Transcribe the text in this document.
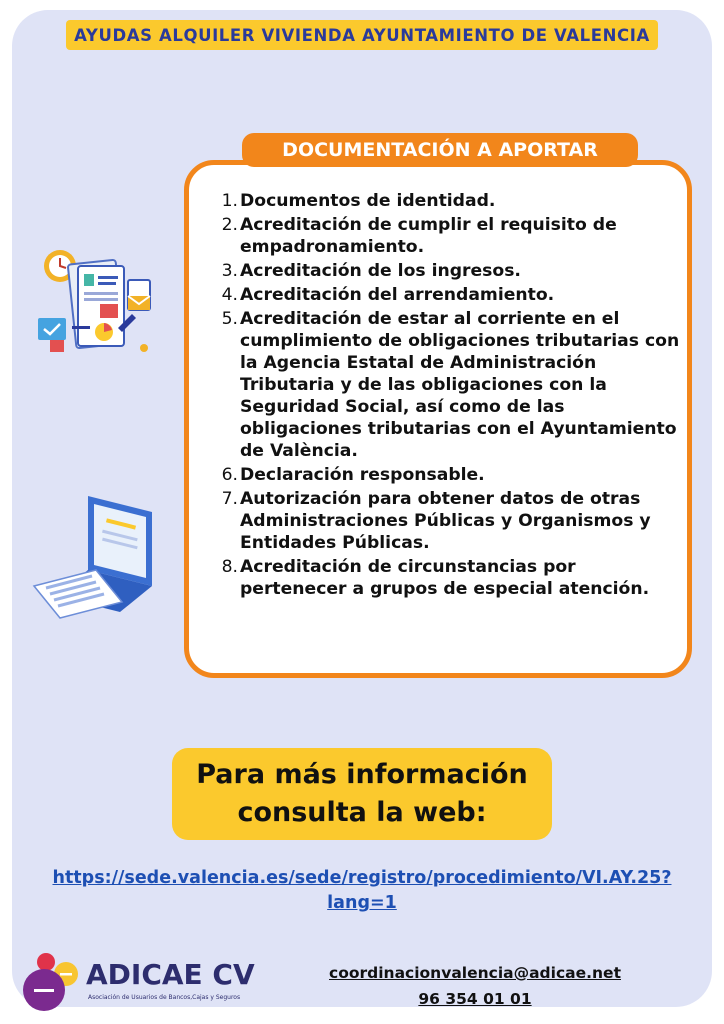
AYUDAS ALQUILER VIVIENDA AYUNTAMIENTO DE VALENCIA
DOCUMENTACIÓN A APORTAR
1. Documentos de identidad.
2. Acreditación de cumplir el requisito de empadronamiento.
3. Acreditación de los ingresos.
4. Acreditación del arrendamiento.
5. Acreditación de estar al corriente en el cumplimiento de obligaciones tributarias con la Agencia Estatal de Administración Tributaria y de las obligaciones con la Seguridad Social, así como de las obligaciones tributarias con el Ayuntamiento de València.
6. Declaración responsable.
7. Autorización para obtener datos de otras Administraciones Públicas y Organismos y Entidades Públicas.
8. Acreditación de circunstancias por pertenecer a grupos de especial atención.
Para más información
consulta la web:
https://sede.valencia.es/sede/registro/procedimiento/VI.AY.25?
lang=1
ADICAE CV
Asociación de Usuarios de Bancos,Cajas y Seguros
coordinacionvalencia@adicae.net
96 354 01 01
